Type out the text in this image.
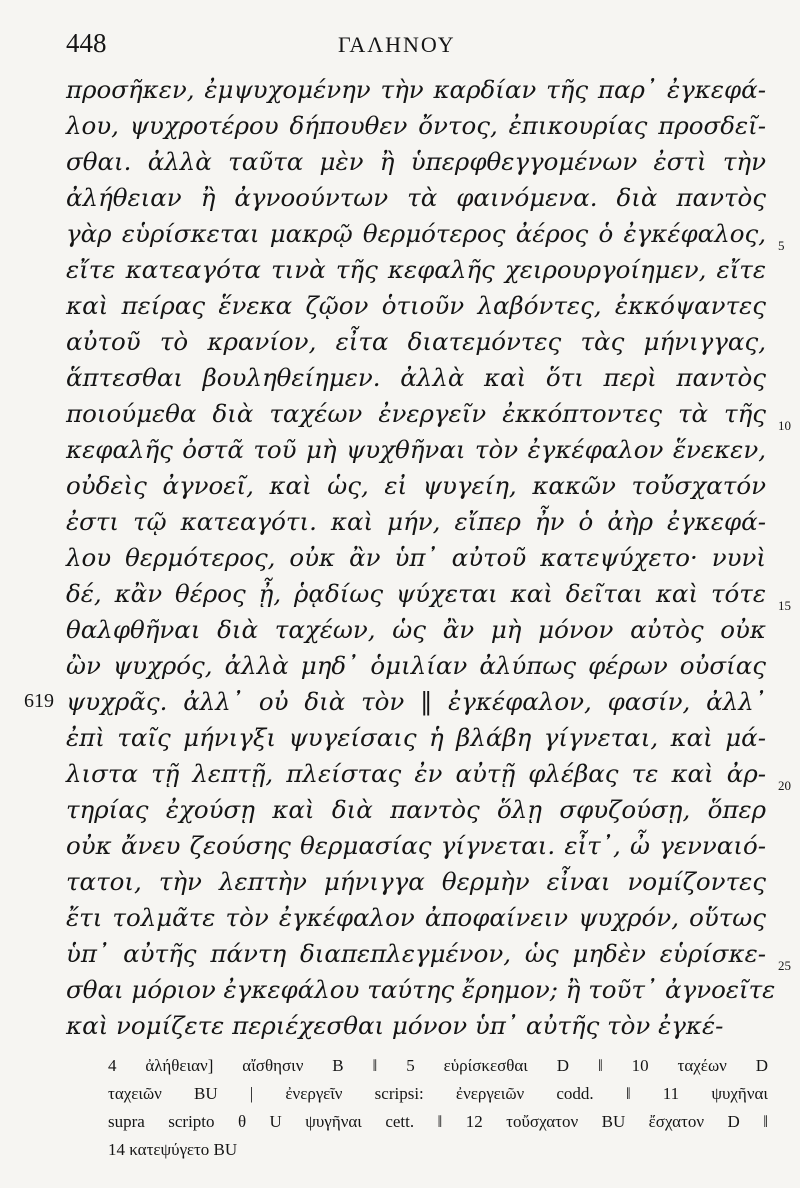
448	ΓΑΛΗΝΟΥ
προσῆκεν, ἐμψυχομένην τὴν καρδίαν τῆς παρ᾽ ἐγκεφά-
λου, ψυχροτέρου δήπουθεν ὄντος, ἐπικουρίας προσδεῖ-
σθαι. ἀλλὰ ταῦτα μὲν ἢ ὑπερφθεγγομένων ἐστὶ τὴν
ἀλήθειαν ἢ ἀγνοούντων τὰ φαινόμενα. διὰ παντὸς
γὰρ εὑρίσκεται μακρῷ θερμότερος ἀέρος ὁ ἐγκέφαλος,
εἴτε κατεαγότα τινὰ τῆς κεφαλῆς χειρουργοίημεν, εἴτε
καὶ πείρας ἕνεκα ζῷον ὁτιοῦν λαβόντες, ἐκκόψαντες
αὐτοῦ τὸ κρανίον, εἶτα διατεμόντες τὰς μήνιγγας,
ἅπτεσθαι βουληθείημεν. ἀλλὰ καὶ ὅτι περὶ παντὸς
ποιούμεθα διὰ ταχέων ἐνεργεῖν ἐκκόπτοντες τὰ τῆς
κεφαλῆς ὀστᾶ τοῦ μὴ ψυχθῆναι τὸν ἐγκέφαλον ἕνεκεν,
οὐδεὶς ἀγνοεῖ, καὶ ὡς, εἰ ψυγείη, κακῶν τοὔσχατόν
ἐστι τῷ κατεαγότι. καὶ μήν, εἴπερ ἦν ὁ ἀὴρ ἐγκεφά-
λου θερμότερος, οὐκ ἂν ὑπ᾽ αὐτοῦ κατεψύχετο· νυνὶ
δέ, κἂν θέρος ᾖ, ῥᾳδίως ψύχεται καὶ δεῖται καὶ τότε
θαλφθῆναι διὰ ταχέων, ὡς ἂν μὴ μόνον αὐτὸς οὐκ
ὢν ψυχρός, ἀλλὰ μηδ᾽ ὁμιλίαν ἀλύπως φέρων οὐσίας
ψυχρᾶς. ἀλλ᾽ οὐ διὰ τὸν ‖ ἐγκέφαλον, φασίν, ἀλλ᾽
ἐπὶ ταῖς μήνιγξι ψυγείσαις ἡ βλάβη γίγνεται, καὶ μά-
λιστα τῇ λεπτῇ, πλείστας ἐν αὐτῇ φλέβας τε καὶ ἀρ-
τηρίας ἐχούσῃ καὶ διὰ παντὸς ὅλῃ σφυζούσῃ, ὅπερ
οὐκ ἄνευ ζεούσης θερμασίας γίγνεται. εἶτ᾽, ὦ γενναιό-
τατοι, τὴν λεπτὴν μήνιγγα θερμὴν εἶναι νομίζοντες
ἔτι τολμᾶτε τὸν ἐγκέφαλον ἀποφαίνειν ψυχρόν, οὕτως
ὑπ᾽ αὐτῆς πάντη διαπεπλεγμένον, ὡς μηδὲν εὑρίσκε-
σθαι μόριον ἐγκεφάλου ταύτης ἔρημον; ἢ τοῦτ᾽ ἀγνοεῖτε
καὶ νομίζετε περιέχεσθαι μόνον ὑπ᾽ αὐτῆς τὸν ἐγκέ-
5
10
15
20
25
619
4 ἀλήθειαν] αἴσθησιν B ‖ 5 εὑρίσκεσθαι D ‖ 10 ταχέων D
ταχειῶν BU | ἐνεργεῖν scripsi: ἐνεργειῶν codd. ‖ 11 ψυχῆναι
supra scripto θ U ψυγῆναι cett. ‖ 12 τοὔσχατον BU ἔσχατον D ‖
14 κατεψύγετο BU
